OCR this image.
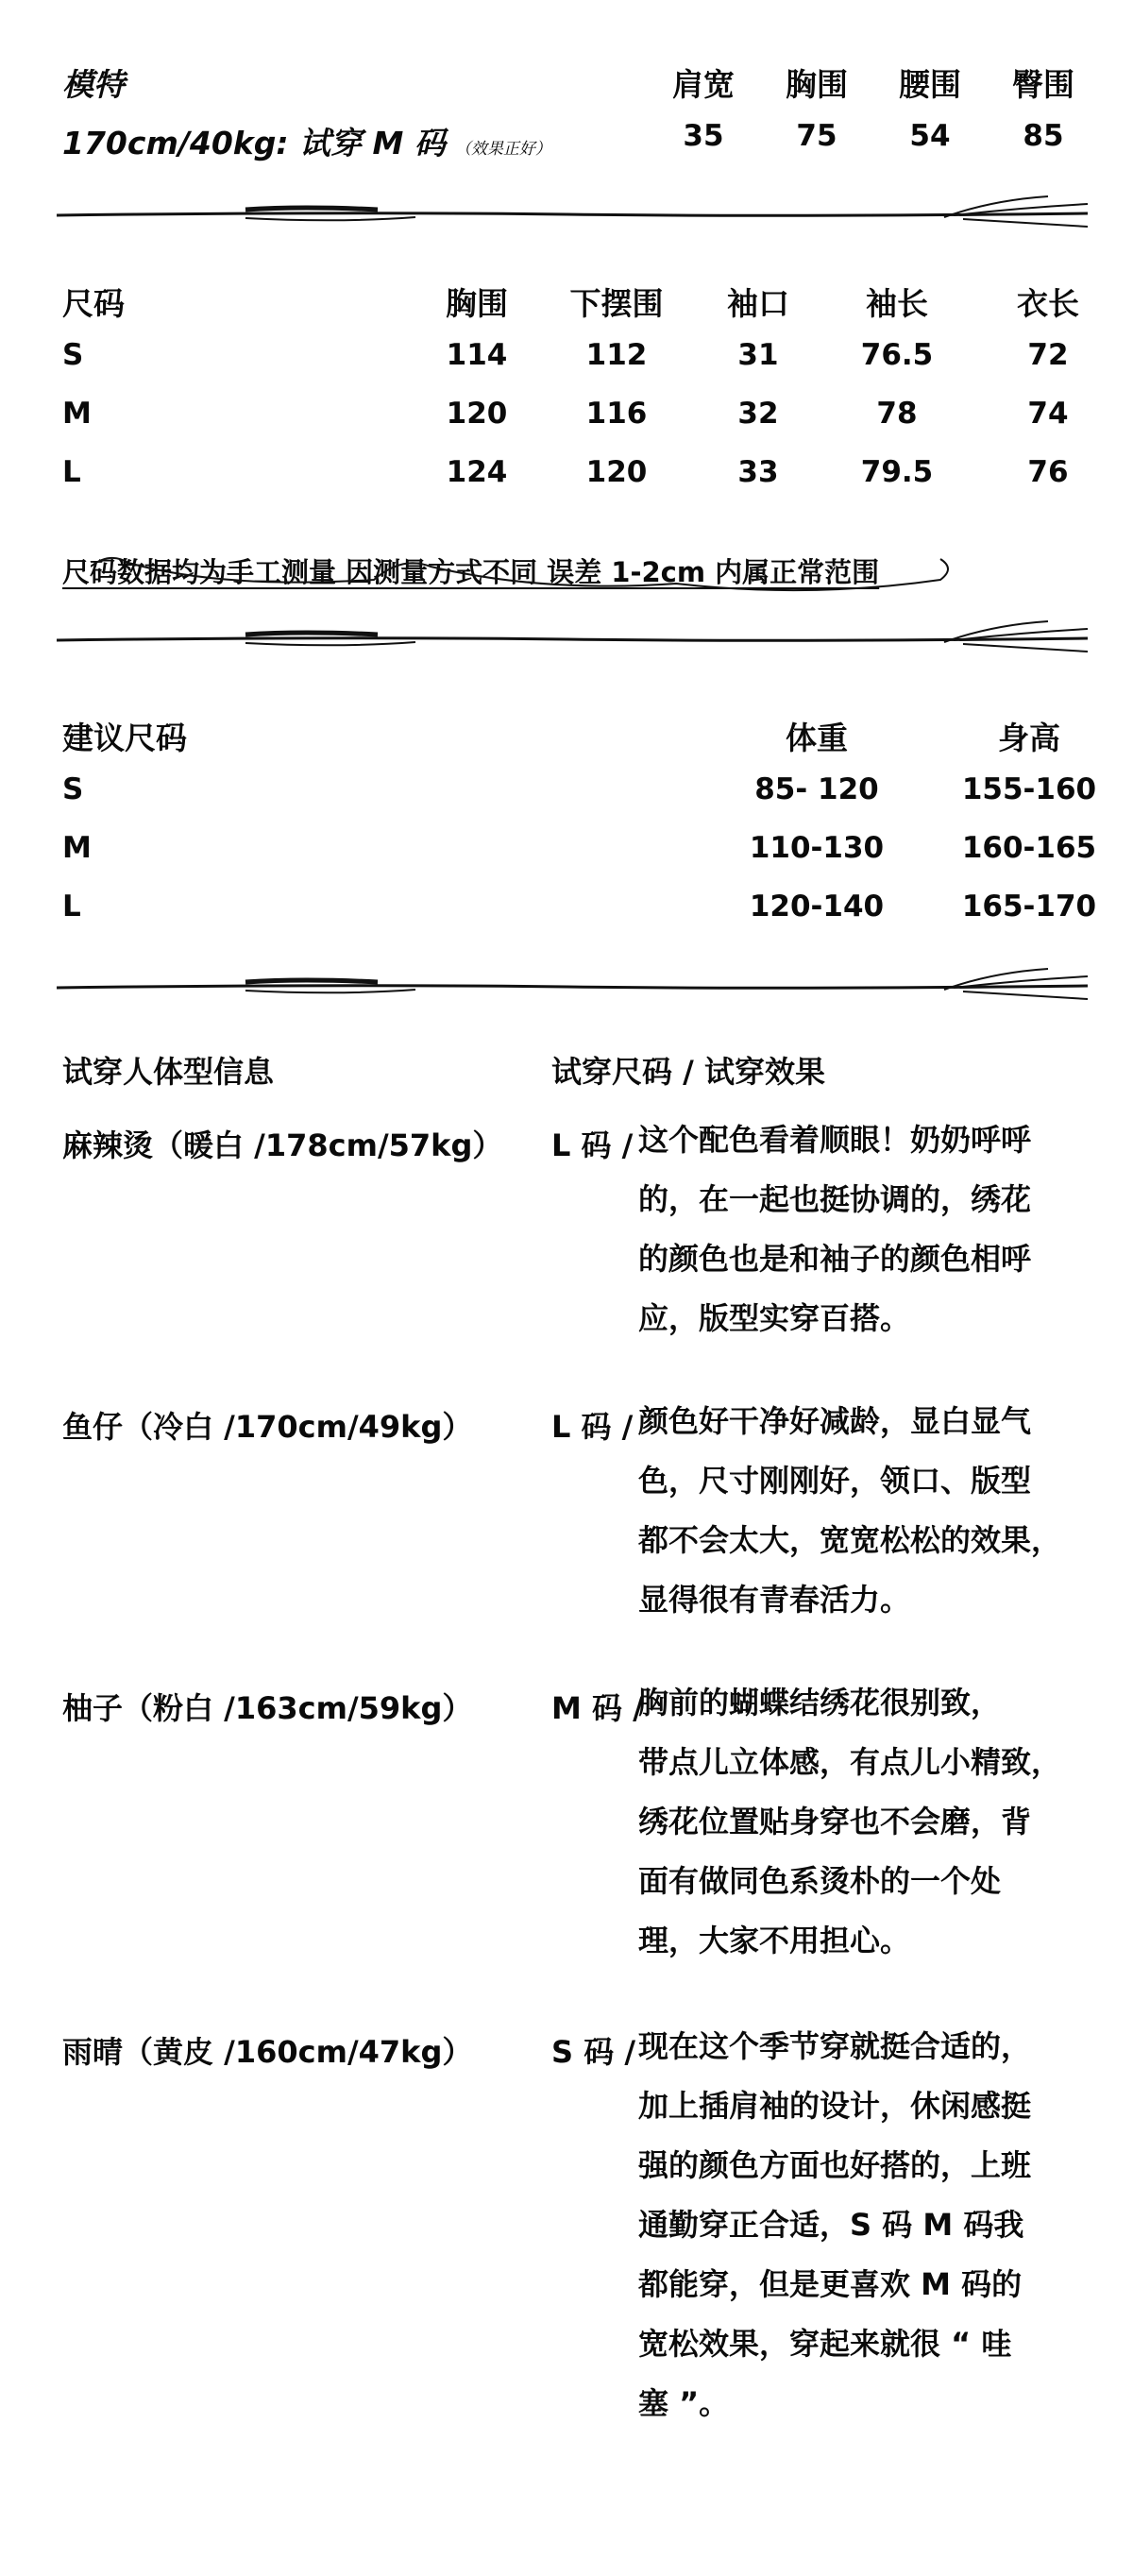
模特	肩宽	胸围	腰围	臀围
170cm/40kg: 试穿 M 码 （效果正好）	35	75	54	85
尺码	胸围	下摆围	袖口	袖长	衣长
S	114	112	31	76.5	72
M	120	116	32	78	74
L	124	120	33	79.5	76
尺码数据均为手工测量 因测量方式不同 误差 1-2cm 内属正常范围
建议尺码	体重	身高
S	85- 120	155-160
M	110-130	160-165
L	120-140	165-170
试穿人体型信息	试穿尺码 / 试穿效果
麻辣烫（暖白 /178cm/57kg） L 码 / 这个配色看着顺眼！奶奶呼呼
的，在一起也挺协调的，绣花
的颜色也是和袖子的颜色相呼
应，版型实穿百搭。
鱼仔（冷白 /170cm/49kg）	L 码 / 颜色好干净好减龄，显白显气
色，尺寸刚刚好，领口、版型
都不会太大，宽宽松松的效果，
显得很有青春活力。
柚子（粉白 /163cm/59kg）	M 码 /
胸前的蝴蝶结绣花很别致，
带点儿立体感，有点儿小精致，
绣花位置贴身穿也不会磨，背
面有做同色系烫朴的一个处
理，大家不用担心。
雨晴（黄皮 /160cm/47kg）	S 码 / 现在这个季节穿就挺合适的，
加上插肩袖的设计，休闲感挺
强的颜色方面也好搭的，上班
通勤穿正合适，S 码 M 码我
都能穿，但是更喜欢 M 码的
宽松效果，穿起来就很 “ 哇
塞 ”。
